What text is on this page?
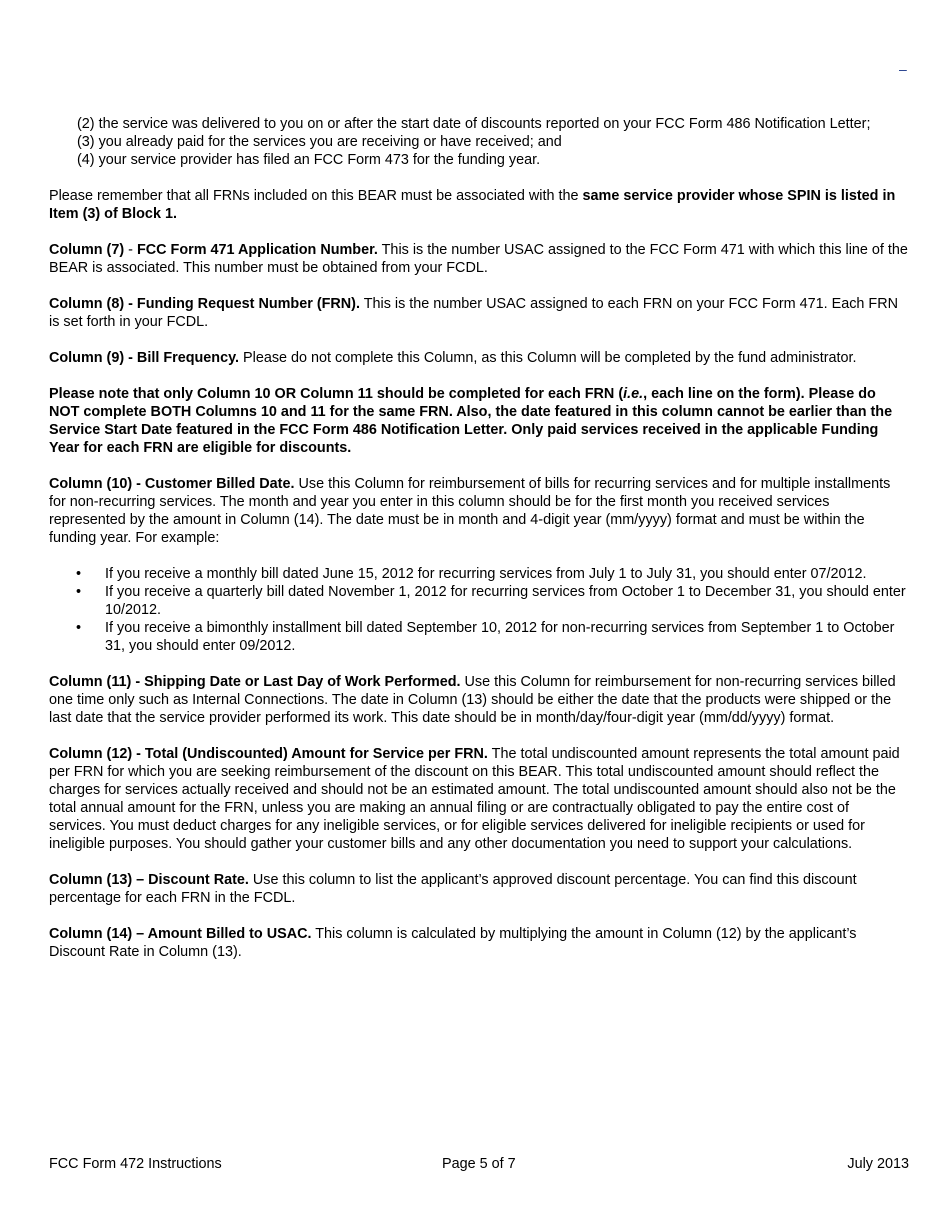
–
(2) the service was delivered to you on or after the start date of discounts reported on your FCC Form 486 Notification Letter;
(3) you already paid for the services you are receiving or have received; and
(4) your service provider has filed an FCC Form 473 for the funding year.

Please remember that all FRNs included on this BEAR must be associated with the same service provider whose SPIN is listed in Item (3) of Block 1.

Column (7) - FCC Form 471 Application Number. This is the number USAC assigned to the FCC Form 471 with which this line of the BEAR is associated. This number must be obtained from your FCDL.

Column (8) - Funding Request Number (FRN). This is the number USAC assigned to each FRN on your FCC Form 471. Each FRN is set forth in your FCDL.

Column (9) - Bill Frequency. Please do not complete this Column, as this Column will be completed by the fund administrator.

Please note that only Column 10 OR Column 11 should be completed for each FRN (i.e., each line on the form). Please do NOT complete BOTH Columns 10 and 11 for the same FRN. Also, the date featured in this column cannot be earlier than the Service Start Date featured in the FCC Form 486 Notification Letter. Only paid services received in the applicable Funding Year for each FRN are eligible for discounts.

Column (10) - Customer Billed Date. Use this Column for reimbursement of bills for recurring services and for multiple installments for non-recurring services. The month and year you enter in this column should be for the first month you received services represented by the amount in Column (14). The date must be in month and 4-digit year (mm/yyyy) format and must be within the funding year. For example:

• If you receive a monthly bill dated June 15, 2012 for recurring services from July 1 to July 31, you should enter 07/2012.
• If you receive a quarterly bill dated November 1, 2012 for recurring services from October 1 to December 31, you should enter 10/2012.
• If you receive a bimonthly installment bill dated September 10, 2012 for non-recurring services from September 1 to October 31, you should enter 09/2012.

Column (11) - Shipping Date or Last Day of Work Performed. Use this Column for reimbursement for non-recurring services billed one time only such as Internal Connections. The date in Column (13) should be either the date that the products were shipped or the last date that the service provider performed its work. This date should be in month/day/four-digit year (mm/dd/yyyy) format.

Column (12) - Total (Undiscounted) Amount for Service per FRN. The total undiscounted amount represents the total amount paid per FRN for which you are seeking reimbursement of the discount on this BEAR. This total undiscounted amount should reflect the charges for services actually received and should not be an estimated amount. The total undiscounted amount should also not be the total annual amount for the FRN, unless you are making an annual filing or are contractually obligated to pay the entire cost of services. You must deduct charges for any ineligible services, or for eligible services delivered for ineligible recipients or used for ineligible purposes. You should gather your customer bills and any other documentation you need to support your calculations.

Column (13) – Discount Rate. Use this column to list the applicant’s approved discount percentage. You can find this discount percentage for each FRN in the FCDL.

Column (14) – Amount Billed to USAC. This column is calculated by multiplying the amount in Column (12) by the applicant’s Discount Rate in Column (13).

FCC Form 472 Instructions	Page 5 of 7	July 2013
